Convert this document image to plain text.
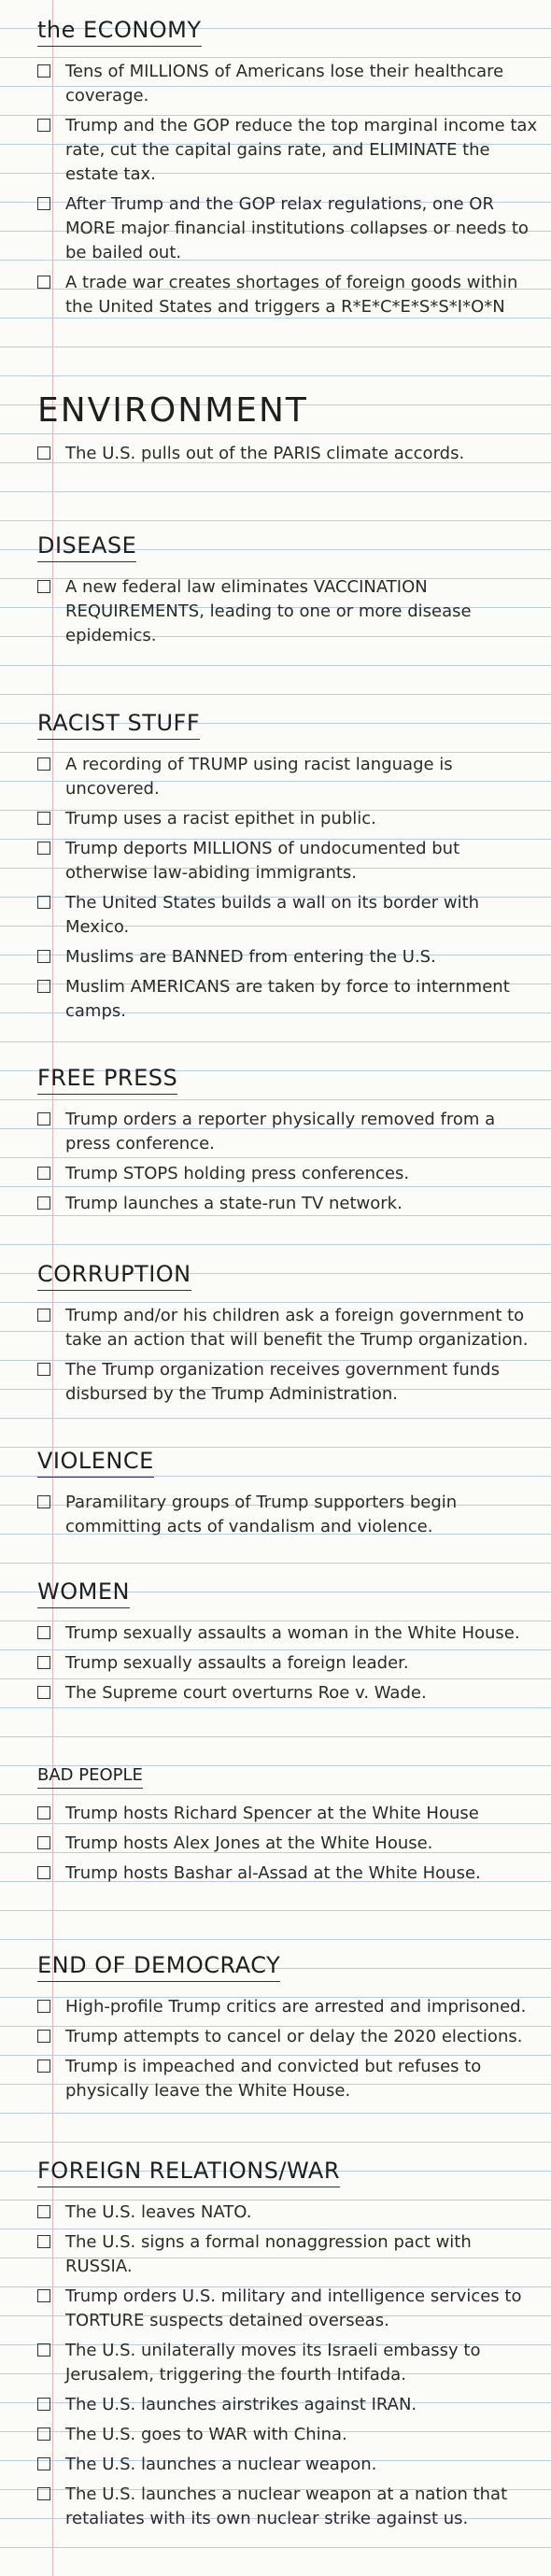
the ECONOMY
Tens of MILLIONS of Americans lose their healthcare coverage.
Trump and the GOP reduce the top marginal income tax rate, cut the capital gains rate, and ELIMINATE the estate tax.
After Trump and the GOP relax regulations, one OR MORE major financial institutions collapses or needs to be bailed out.
A trade war creates shortages of foreign goods within the United States and triggers a R*E*C*E*S*S*I*O*N
ENVIRONMENT
The U.S. pulls out of the PARIS climate accords.
DISEASE
A new federal law eliminates VACCINATION REQUIREMENTS, leading to one or more disease epidemics.
RACIST STUFF
A recording of TRUMP using racist language is uncovered.
Trump uses a racist epithet in public.
Trump deports MILLIONS of undocumented but otherwise law-abiding immigrants.
The United States builds a wall on its border with Mexico.
Muslims are BANNED from entering the U.S.
Muslim AMERICANS are taken by force to internment camps.
FREE PRESS
Trump orders a reporter physically removed from a press conference.
Trump STOPS holding press conferences.
Trump launches a state-run TV network.
CORRUPTION
Trump and/or his children ask a foreign government to take an action that will benefit the Trump organization.
The Trump organization receives government funds disbursed by the Trump Administration.
VIOLENCE
Paramilitary groups of Trump supporters begin committing acts of vandalism and violence.
WOMEN
Trump sexually assaults a woman in the White House.
Trump sexually assaults a foreign leader.
The Supreme court overturns Roe v. Wade.
BAD PEOPLE
Trump hosts Richard Spencer at the White House
Trump hosts Alex Jones at the White House.
Trump hosts Bashar al-Assad at the White House.
END OF DEMOCRACY
High-profile Trump critics are arrested and imprisoned.
Trump attempts to cancel or delay the 2020 elections.
Trump is impeached and convicted but refuses to physically leave the White House.
FOREIGN RELATIONS/WAR
The U.S. leaves NATO.
The U.S. signs a formal nonaggression pact with RUSSIA.
Trump orders U.S. military and intelligence services to TORTURE suspects detained overseas.
The U.S. unilaterally moves its Israeli embassy to Jerusalem, triggering the fourth Intifada.
The U.S. launches airstrikes against IRAN.
The U.S. goes to WAR with China.
The U.S. launches a nuclear weapon.
The U.S. launches a nuclear weapon at a nation that retaliates with its own nuclear strike against us.
